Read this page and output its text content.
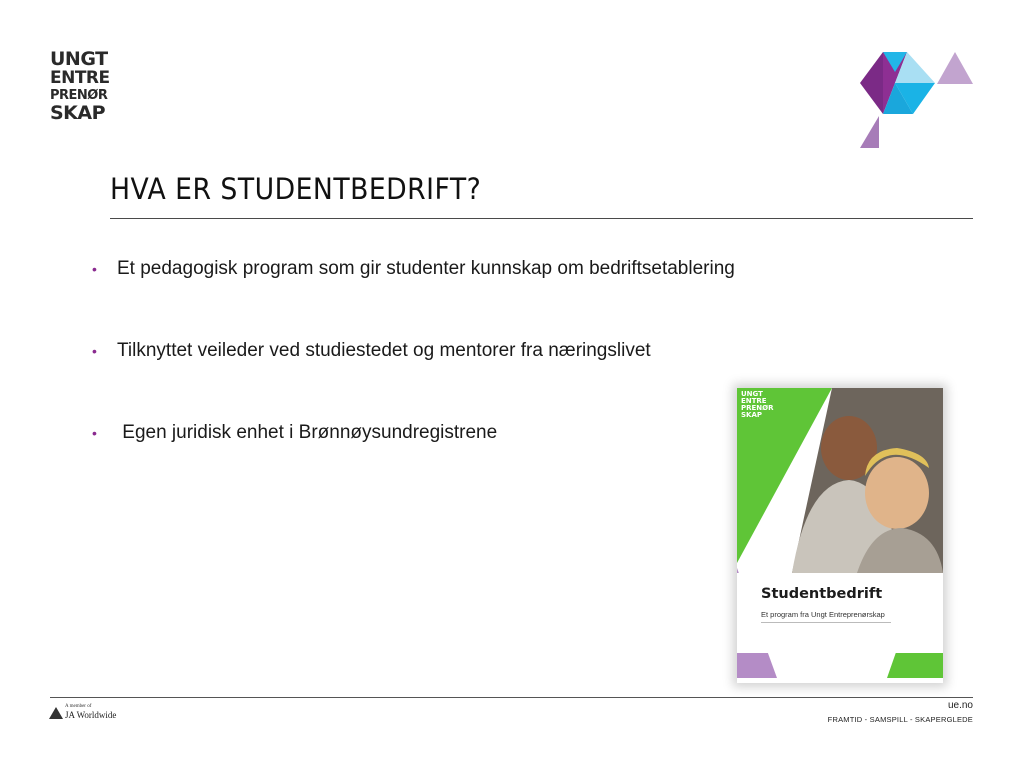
UNGT
ENTRE
PRENØR
SKAP
HVA ER STUDENTBEDRIFT?
• Et pedagogisk program som gir studenter kunnskap om bedriftsetablering
• Tilknyttet veileder ved studiestedet og mentorer fra næringslivet
• Egen juridisk enhet i Brønnøysundregistrene
UNGT
ENTRE
PRENØR
SKAP
Studentbedrift
Et program fra Ungt Entreprenørskap
A member of
JA Worldwide
ue.no
FRAMTID - SAMSPILL - SKAPERGLEDE
